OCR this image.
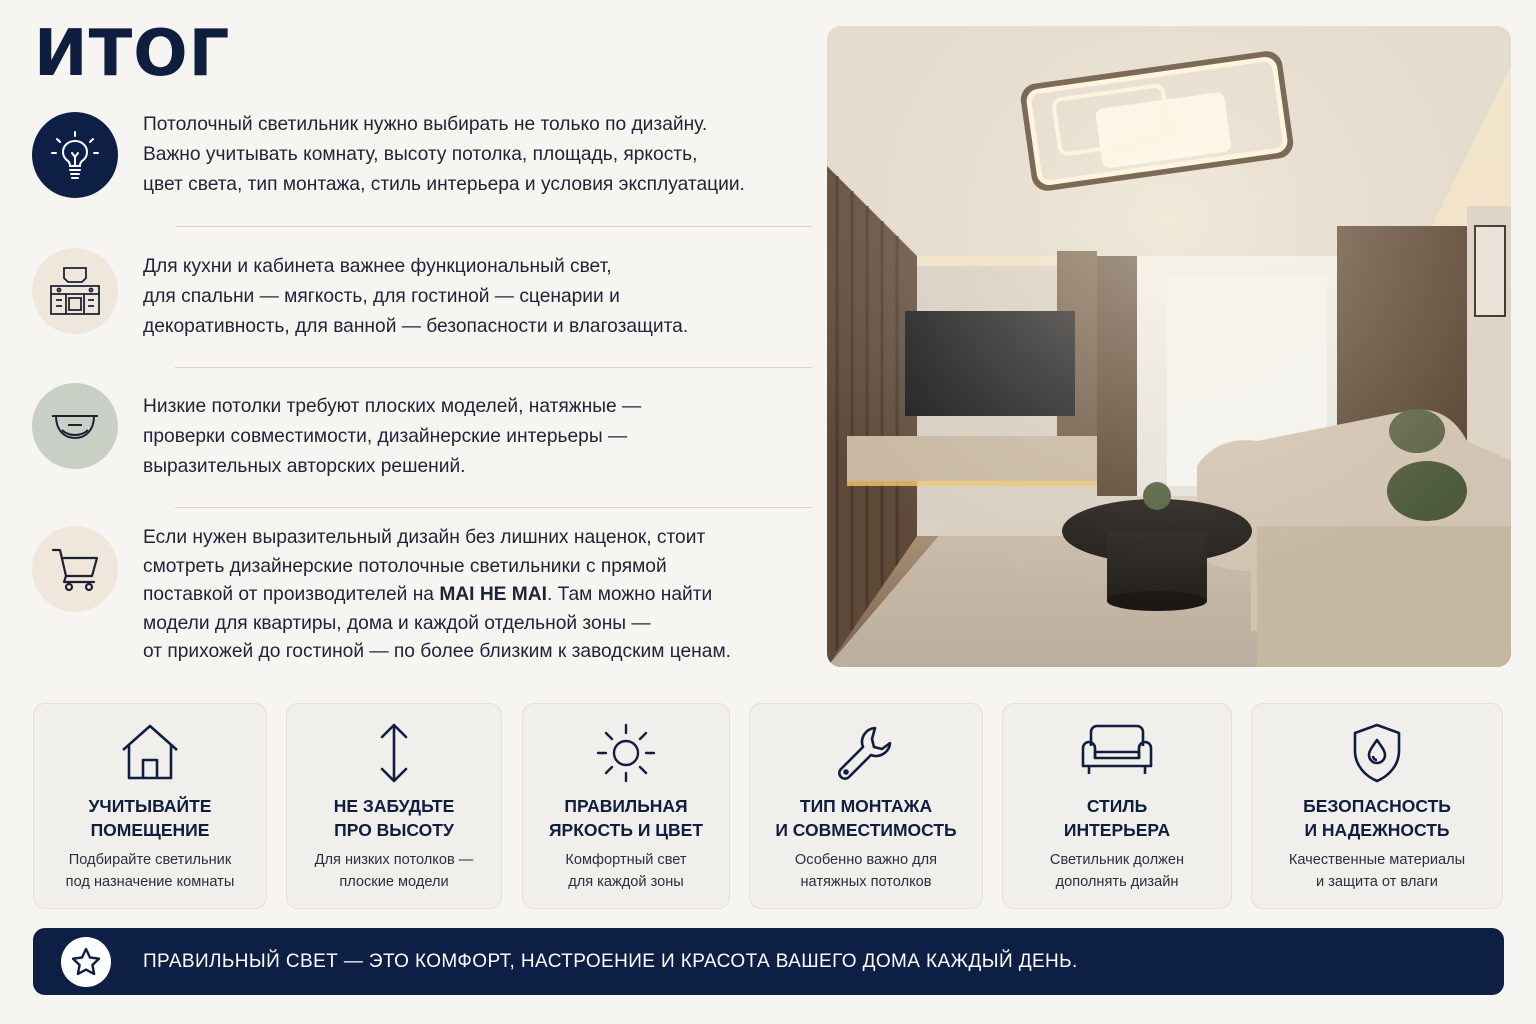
ИТОГ
Потолочный светильник нужно выбирать не только по дизайну.
Важно учитывать комнату, высоту потолка, площадь, яркость,
цвет света, тип монтажа, стиль интерьера и условия эксплуатации.
Для кухни и кабинета важнее функциональный свет,
для спальни — мягкость, для гостиной — сценарии и
декоративность, для ванной — безопасности и влагозащита.
Низкие потолки требуют плоских моделей, натяжные —
проверки совместимости, дизайнерские интерьеры —
выразительных авторских решений.
Если нужен выразительный дизайн без лишних наценок, стоит
смотреть дизайнерские потолочные светильники с прямой
поставкой от производителей на MAI HE MAI. Там можно найти
модели для квартиры, дома и каждой отдельной зоны —
от прихожей до гостиной — по более близким к заводским ценам.
УЧИТЫВАЙТЕ
ПОМЕЩЕНИЕ
Подбирайте светильник
под назначение комнаты
НЕ ЗАБУДЬТЕ
ПРО ВЫСОТУ
Для низких потолков —
плоские модели
ПРАВИЛЬНАЯ
ЯРКОСТЬ И ЦВЕТ
Комфортный свет
для каждой зоны
ТИП МОНТАЖА
И СОВМЕСТИМОСТЬ
Особенно важно для
натяжных потолков
СТИЛЬ
ИНТЕРЬЕРА
Светильник должен
дополнять дизайн
БЕЗОПАСНОСТЬ
И НАДЕЖНОСТЬ
Качественные материалы
и защита от влаги
ПРАВИЛЬНЫЙ СВЕТ — ЭТО КОМФОРТ, НАСТРОЕНИЕ И КРАСОТА ВАШЕГО ДОМА КАЖДЫЙ ДЕНЬ.
